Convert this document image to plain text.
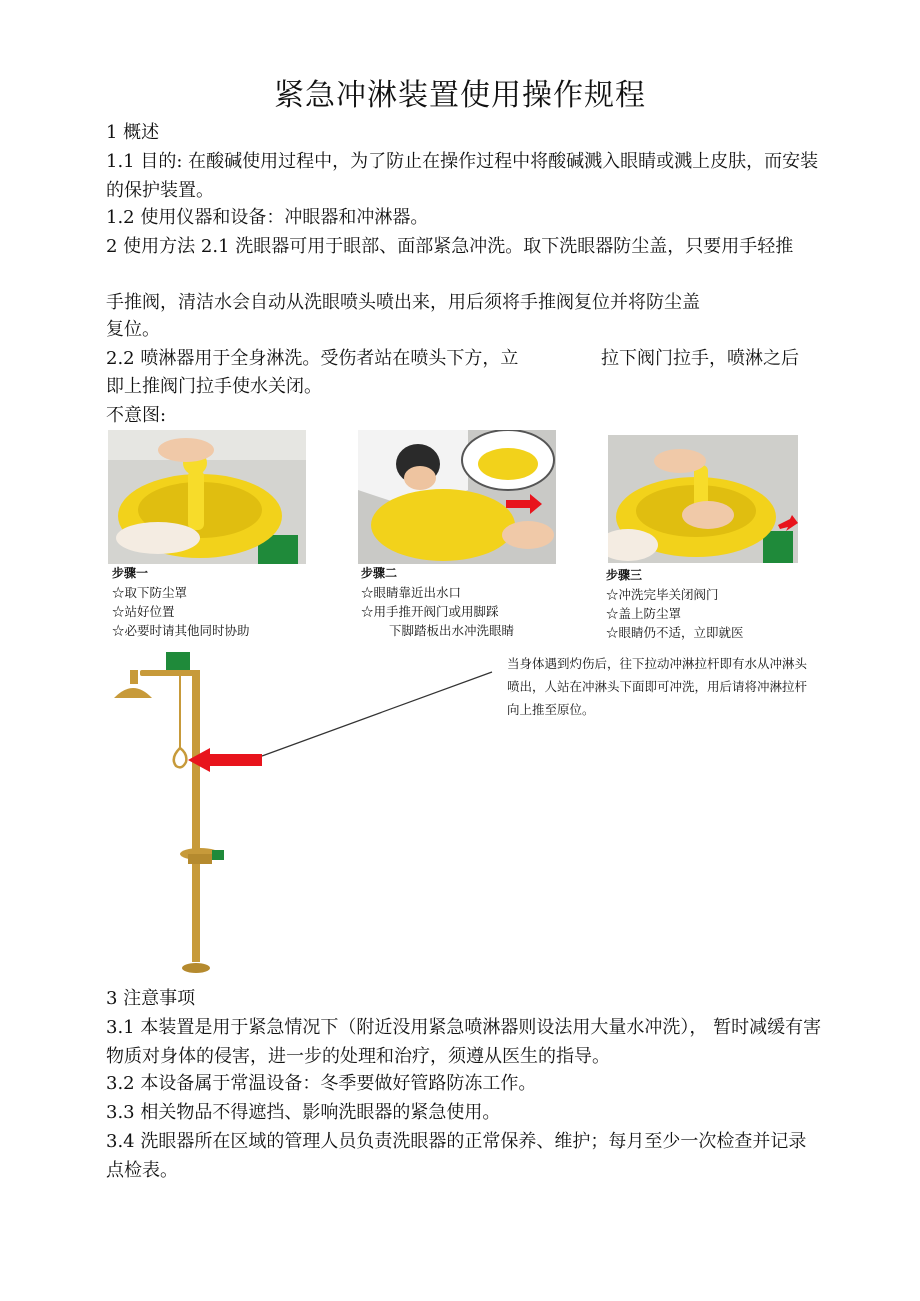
紧急冲淋装置使用操作规程
1 概述
1.1 目的: 在酸碱使用过程中，为了防止在操作过程中将酸碱溅入眼睛或溅上皮肤，而安装的保护装置。
1.2 使用仪器和设备：冲眼器和冲淋器。
2 使用方法 2.1 洗眼器可用于眼部、面部紧急冲洗。取下洗眼器防尘盖，只要用手轻推
手推阀，清洁水会自动从洗眼喷头喷出来，用后须将手推阀复位并将防尘盖
复位。
2.2 喷淋器用于全身淋洗。受伤者站在喷头下方，立	拉下阀门拉手，喷淋之后
即上推阀门拉手使水关闭。
不意图:
步骤一
☆取下防尘罩
☆站好位置
☆必要时请其他同时协助
步骤二
☆眼睛靠近出水口
☆用手推开阀门或用脚踩
下脚踏板出水冲洗眼睛
步骤三
☆冲洗完毕关闭阀门
☆盖上防尘罩
☆眼睛仍不适，立即就医
当身体遇到灼伤后，往下拉动冲淋拉杆即有水从冲淋头喷出，人站在冲淋头下面即可冲洗，用后请将冲淋拉杆向上推至原位。
3 注意事项
3.1 本装置是用于紧急情况下（附近没用紧急喷淋器则设法用大量水冲洗）， 暂时减缓有害物质对身体的侵害，进一步的处理和治疗，须遵从医生的指导。
3.2 本设备属于常温设备：冬季要做好管路防冻工作。
3.3 相关物品不得遮挡、影响洗眼器的紧急使用。
3.4 洗眼器所在区域的管理人员负责洗眼器的正常保养、维护；每月至少一次检查并记录点检表。
